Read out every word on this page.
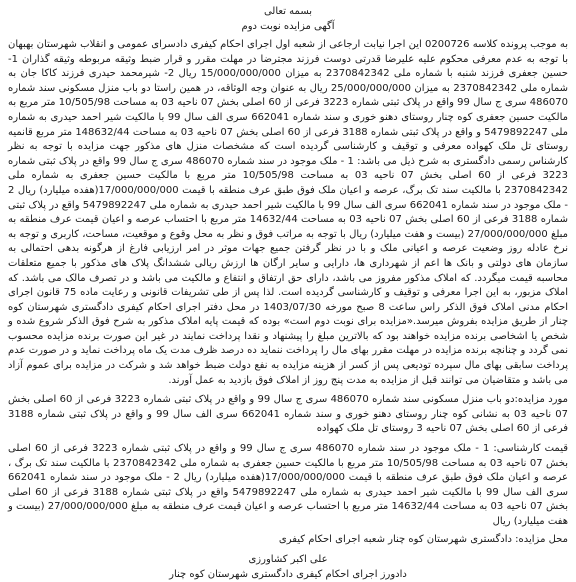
بسمه تعالی

آگهی مزایده نوبت دوم

به موجب پرونده کلاسه 0200726 این اجرا نیابت ارجاعی از شعبه اول اجرای احکام کیفری دادسرای عمومی و انقلاب شهرستان بهبهان با توجه به عدم معرفی محکوم علیه علیرضا قدرتی دوست فرزند مجترضا در مهلت مقرر و قرار ضبط وثیقه مربوطه وثیقه گذاران 1- حسین جعفری فرزند شنبه با شماره ملی 2370842342 به میزان 15/000/000/000 ریال 2- شیرمحمد حیدری فرزند کاکا جان به شماره ملی 2370842342 به میزان 25/000/000/000 ریال به عنوان وجه الوثاقه، در همین راستا دو باب منزل مسکونی سند شماره 486070 سری ج سال 99 واقع در پلاک ثبتی شماره 3223 فرعی از 60 اصلی بخش 07 ناحیه 03 به مساحت 10/505/98 متر مربع به مالکیت حسین جعفری کوه چنار روستای دهنو خوری و سند شماره 662041 سری الف سال 99 با مالکیت شیر احمد حیدری به شماره ملی 5479892247 و واقع در پلاک ثبتی شماره 3188 فرعی از 60 اصلی بخش 07 ناحیه 03 به مساحت 148632/44 متر مربع قانمیه روستای تل ملک کهواده معرفی و توقیف و کارشناسی گردیده است که مشخصات منزل های مذکور جهت مزایده با توجه به نظر کارشناس رسمی دادگستری به شرح ذیل می باشد: 1 - ملک موجود در سند شماره 486070 سری ج سال 99 واقع در پلاک ثبتی شماره 3223 فرعی از 60 اصلی بخش 07 ناحیه 03 به مساحت 10/505/98 متر مربع با مالکیت حسین جعفری به شماره ملی 2370842342 با مالکیت سند تک برگ، عرصه و اعیان ملک فوق طبق عرف منطقه با قیمت 17/000/000/000(هفده میلیارد) ریال 2 - ملک موجود در سند شماره 662041 سری الف سال 99 با مالکیت شیر احمد حیدری به شماره ملی 5479892247 واقع در پلاک ثبتی شماره 3188 فرعی از 60 اصلی بخش 07 ناحیه 03 به مساحت 14632/44 متر مربع با احتساب عرصه و اعیان قیمت عرف منطقه به مبلغ 27/000/000/000 (بیست و هفت میلیارد) ریال با توجه به مراتب فوق و نظر به محل وقوع و موقعیت، مساحت، کاربری و توجه به نرخ عادله روز وضعیت عرصه و اعیانی ملک و با در نظر گرفتن جمیع جهات موثر در امر ارزیابی فارغ از هرگونه بدهی احتمالی به سازمان های دولتی و بانک ها اعم از شهرداری ها، دارایی و سایر ارگان ها ارزش ریالی ششدانگ پلاک های مذکور با جمیع متعلقات محاسبه قیمت میگردد. که املاک مذکور مفروز می باشد، دارای حق ارتفاق و انتفاع و مالکیت می باشد و در تصرف مالک می باشد. که املاک مزبور، به این اجرا معرفی و توقیف و کارشناسی گردیده است. لذا پس از طی تشریفات قانونی و رعایت ماده 75 قانون اجرای احکام مدنی املاک فوق الذکر راس ساعت 8 صبح مورخه 1403/07/30 در محل دفتر اجرای احکام کیفری دادگستری شهرستان کوه چنار از طریق مزایده بفروش میرسد.«مزایده برای نوبت دوم است» بوده که قیمت پایه املاک مذکور به شرح فوق الذکر شروع شده و شخص یا اشخاصی برنده مزایده خواهند بود که بالاترین مبلغ را پیشنهاد و نقدا پرداخت نمایند در غیر این صورت برنده مزایده محسوب نمی گردد و چنانچه برنده مزایده در مهلت مقرر بهای مال را پرداخت ننماید ده درصد ظرف مدت یک ماه پرداخت نماید و در صورت عدم پرداخت سابقی بهای مال سپرده تودیعی پس از کسر از هزینه مزایده به نفع دولت ضبط خواهد شد و شرکت در مزایده برای عموم آزاد می باشد و متقاضیان می توانند قبل از مزایده به مدت پنج روز از املاک فوق بازدید به عمل آورند.

مورد مزایده:دو باب منزل مسکونی سند شماره 486070 سری ج سال 99 و واقع در پلاک ثبتی شماره 3223 فرعی از 60 اصلی بخش 07 ناحیه 03 به نشانی کوه چنار روستای دهنو خوری و سند شماره 662041 سری الف سال 99 و واقع در پلاک ثبتی شماره 3188 فرعی از 60 اصلی بخش 07 ناحیه 3 روستای تل ملک کهواده

قیمت کارشناسی: 1 - ملک موجود در سند شماره 486070 سری ج سال 99 و واقع در پلاک ثبتی شماره 3223 فرعی از 60 اصلی بخش 07 ناحیه 03 به مساحت 10/505/98 متر مربع با مالکیت حسین جعفری به شماره ملی 2370842342 با مالکیت سند تک برگ ، عرصه و اعیان ملک فوق طبق عرف منطقه با قیمت 17/000/000/000(هفده میلیارد) ریال 2 - ملک موجود در سند شماره 662041 سری الف سال 99 با مالکیت شیر احمد حیدری به شماره ملی 5479892247 واقع در پلاک ثبتی شماره 3188 فرعی از 60 اصلی بخش 07 ناحیه 03 به مساحت 14632/44 متر مربع با احتساب عرصه و اعیان قیمت عرف منطقه به مبلغ 27/000/000/000 (بیست و هفت میلیارد) ریال

محل مزایده: دادگستری شهرستان کوه چنار شعبه اجرای احکام کیفری

علی اکبر کشاورزی

دادورز اجرای احکام کیفری دادگستری شهرستان کوه چنار
